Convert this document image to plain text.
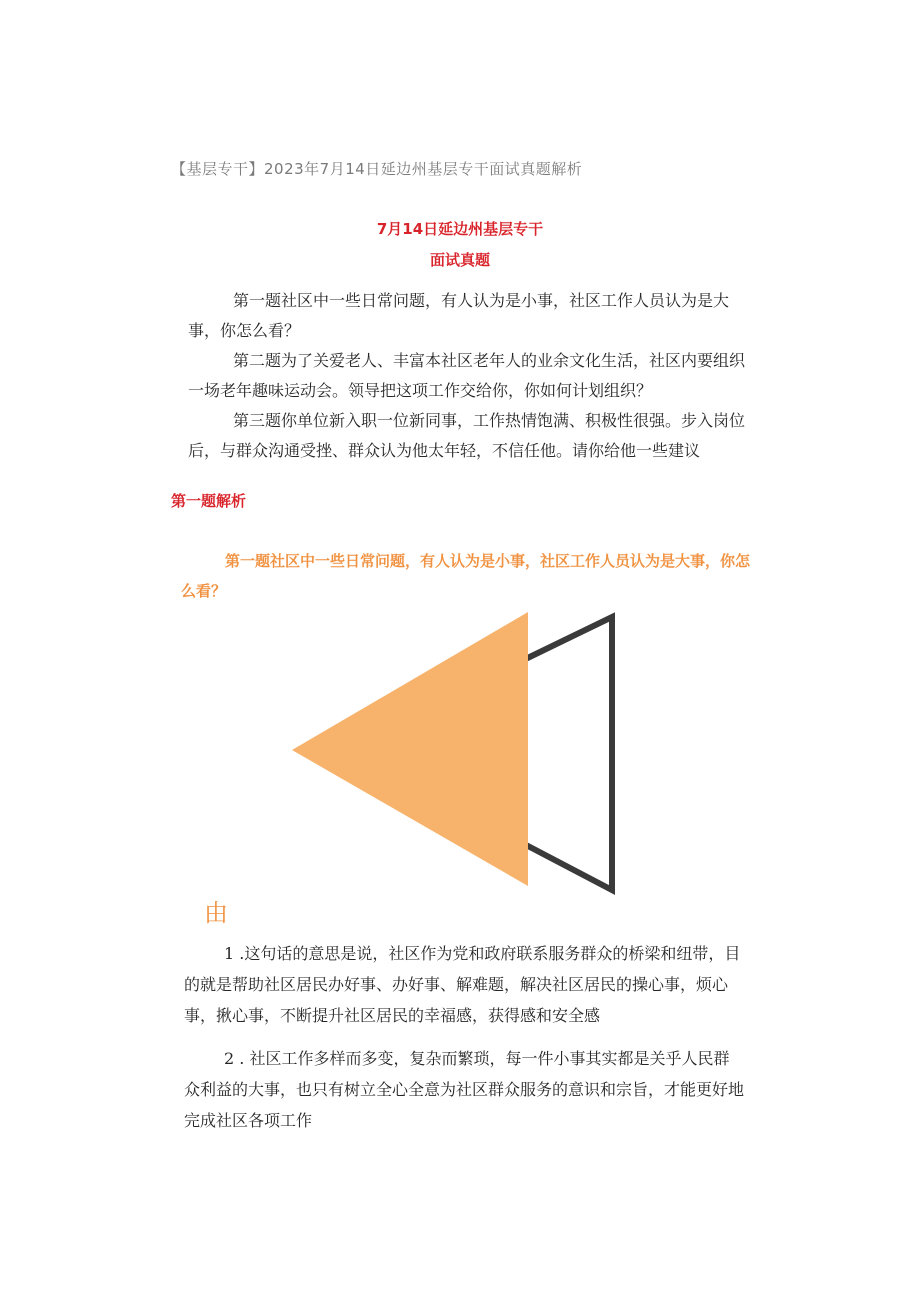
【基层专干】2023年7月14日延边州基层专干面试真题解析
7月14日延边州基层专干
面试真题
第一题社区中一些日常问题，有人认为是小事，社区工作人员认为是大事，你怎么看？
第二题为了关爱老人、丰富本社区老年人的业余文化生活，社区内要组织一场老年趣味运动会。领导把这项工作交给你，你如何计划组织？
第三题你单位新入职一位新同事，工作热情饱满、积极性很强。步入岗位后，与群众沟通受挫、群众认为他太年轻，不信任他。请你给他一些建议
第一题解析
第一题社区中一些日常问题，有人认为是小事，社区工作人员认为是大事，你怎么看？
由
1 .这句话的意思是说，社区作为党和政府联系服务群众的桥梁和纽带，目的就是帮助社区居民办好事、办好事、解难题，解决社区居民的操心事，烦心事，揪心事，不断提升社区居民的幸福感，获得感和安全感
2 . 社区工作多样而多变，复杂而繁琐，每一件小事其实都是关乎人民群众利益的大事，也只有树立全心全意为社区群众服务的意识和宗旨，才能更好地完成社区各项工作
